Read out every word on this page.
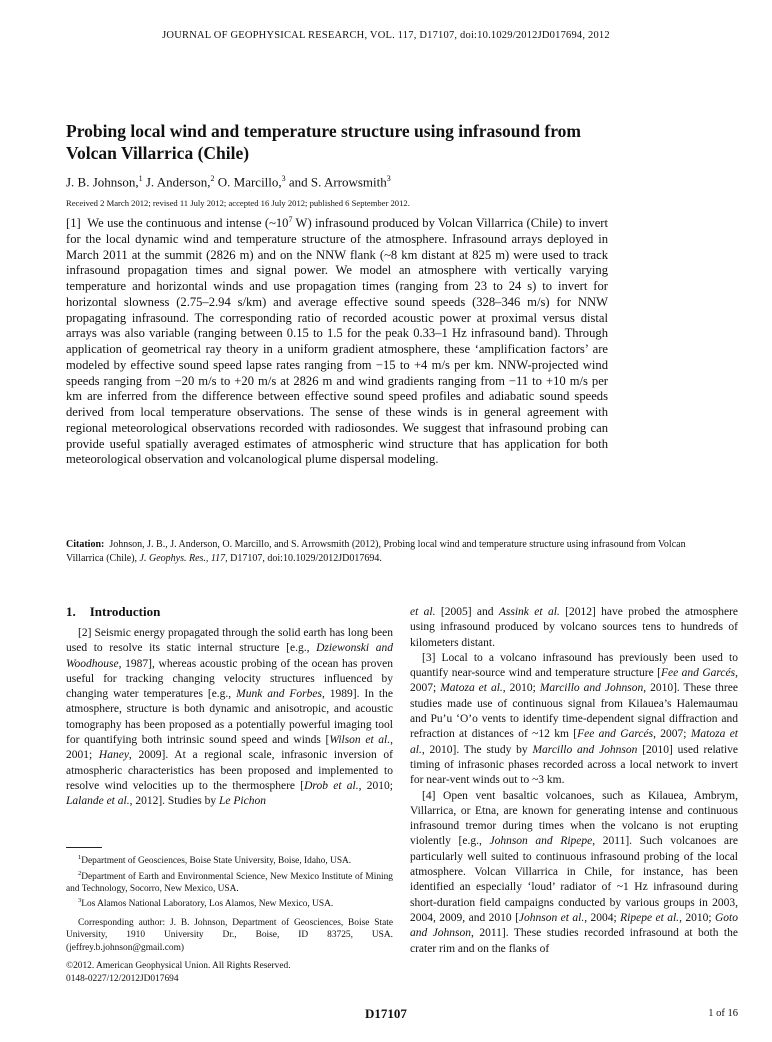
JOURNAL OF GEOPHYSICAL RESEARCH, VOL. 117, D17107, doi:10.1029/2012JD017694, 2012
Probing local wind and temperature structure using infrasound from Volcan Villarrica (Chile)
J. B. Johnson,$^1$ J. Anderson,$^2$ O. Marcillo,$^3$ and S. Arrowsmith$^3$
Received 2 March 2012; revised 11 July 2012; accepted 16 July 2012; published 6 September 2012.
[1] We use the continuous and intense ($\sim 10^7$ W) infrasound produced by Volcan Villarrica (Chile) to invert for the local dynamic wind and temperature structure of the atmosphere. Infrasound arrays deployed in March 2011 at the summit (2826 m) and on the NNW flank (~8 km distant at 825 m) were used to track infrasound propagation times and signal power. We model an atmosphere with vertically varying temperature and horizontal winds and use propagation times (ranging from 23 to 24 s) to invert for horizontal slowness (2.75–2.94 s/km) and average effective sound speeds (328–346 m/s) for NNW propagating infrasound. The corresponding ratio of recorded acoustic power at proximal versus distal arrays was also variable (ranging between 0.15 to 1.5 for the peak 0.33–1 Hz infrasound band). Through application of geometrical ray theory in a uniform gradient atmosphere, these ‘amplification factors’ are modeled by effective sound speed lapse rates ranging from −15 to +4 m/s per km. NNW-projected wind speeds ranging from −20 m/s to +20 m/s at 2826 m and wind gradients ranging from −11 to +10 m/s per km are inferred from the difference between effective sound speed profiles and adiabatic sound speeds derived from local temperature observations. The sense of these winds is in general agreement with regional meteorological observations recorded with radiosondes. We suggest that infrasound probing can provide useful spatially averaged estimates of atmospheric wind structure that has application for both meteorological observation and volcanological plume dispersal modeling.
Citation: Johnson, J. B., J. Anderson, O. Marcillo, and S. Arrowsmith (2012), Probing local wind and temperature structure using infrasound from Volcan Villarrica (Chile), J. Geophys. Res., 117, D17107, doi:10.1029/2012JD017694.
1. Introduction

[2] Seismic energy propagated through the solid earth has long been used to resolve its static internal structure [e.g., Dziewonski and Woodhouse, 1987], whereas acoustic probing of the ocean has proven useful for tracking changing velocity structures influenced by changing water temperatures [e.g., Munk and Forbes, 1989]. In the atmosphere, structure is both dynamic and anisotropic, and acoustic tomography has been proposed as a potentially powerful imaging tool for quantifying both intrinsic sound speed and winds [Wilson et al., 2001; Haney, 2009]. At a regional scale, infrasonic inversion of atmospheric characteristics has been proposed and implemented to resolve wind velocities up to the thermosphere [Drob et al., 2010; Lalande et al., 2012]. Studies by Le Pichon

$^1$Department of Geosciences, Boise State University, Boise, Idaho, USA.

$^2$Department of Earth and Environmental Science, New Mexico Institute of Mining and Technology, Socorro, New Mexico, USA.

$^3$Los Alamos National Laboratory, Los Alamos, New Mexico, USA.

Corresponding author: J. B. Johnson, Department of Geosciences, Boise State University, 1910 University Dr., Boise, ID 83725, USA. (jeffrey.b.johnson@gmail.com)

©2012. American Geophysical Union. All Rights Reserved.

0148-0227/12/2012JD017694

et al. [2005] and Assink et al. [2012] have probed the atmosphere using infrasound produced by volcano sources tens to hundreds of kilometers distant.

[3] Local to a volcano infrasound has previously been used to quantify near-source wind and temperature structure [Fee and Garcés, 2007; Matoza et al., 2010; Marcillo and Johnson, 2010]. These three studies made use of continuous signal from Kilauea’s Halemaumau and Pu’u ‘O’o vents to identify time-dependent signal diffraction and refraction at distances of ~12 km [Fee and Garcés, 2007; Matoza et al., 2010]. The study by Marcillo and Johnson [2010] used relative timing of infrasonic phases recorded across a local network to invert for near-vent winds out to ~3 km.

[4] Open vent basaltic volcanoes, such as Kilauea, Ambrym, Villarrica, or Etna, are known for generating intense and continuous infrasound tremor during times when the volcano is not erupting violently [e.g., Johnson and Ripepe, 2011]. Such volcanoes are particularly well suited to continuous infrasound probing of the local atmosphere. Volcan Villarrica in Chile, for instance, has been identified an especially ‘loud’ radiator of ~1 Hz infrasound during short-duration field campaigns conducted by various groups in 2003, 2004, 2009, and 2010 [Johnson et al., 2004; Ripepe et al., 2010; Goto and Johnson, 2011]. These studies recorded infrasound at both the crater rim and on the flanks of

D17107	1 of 16
